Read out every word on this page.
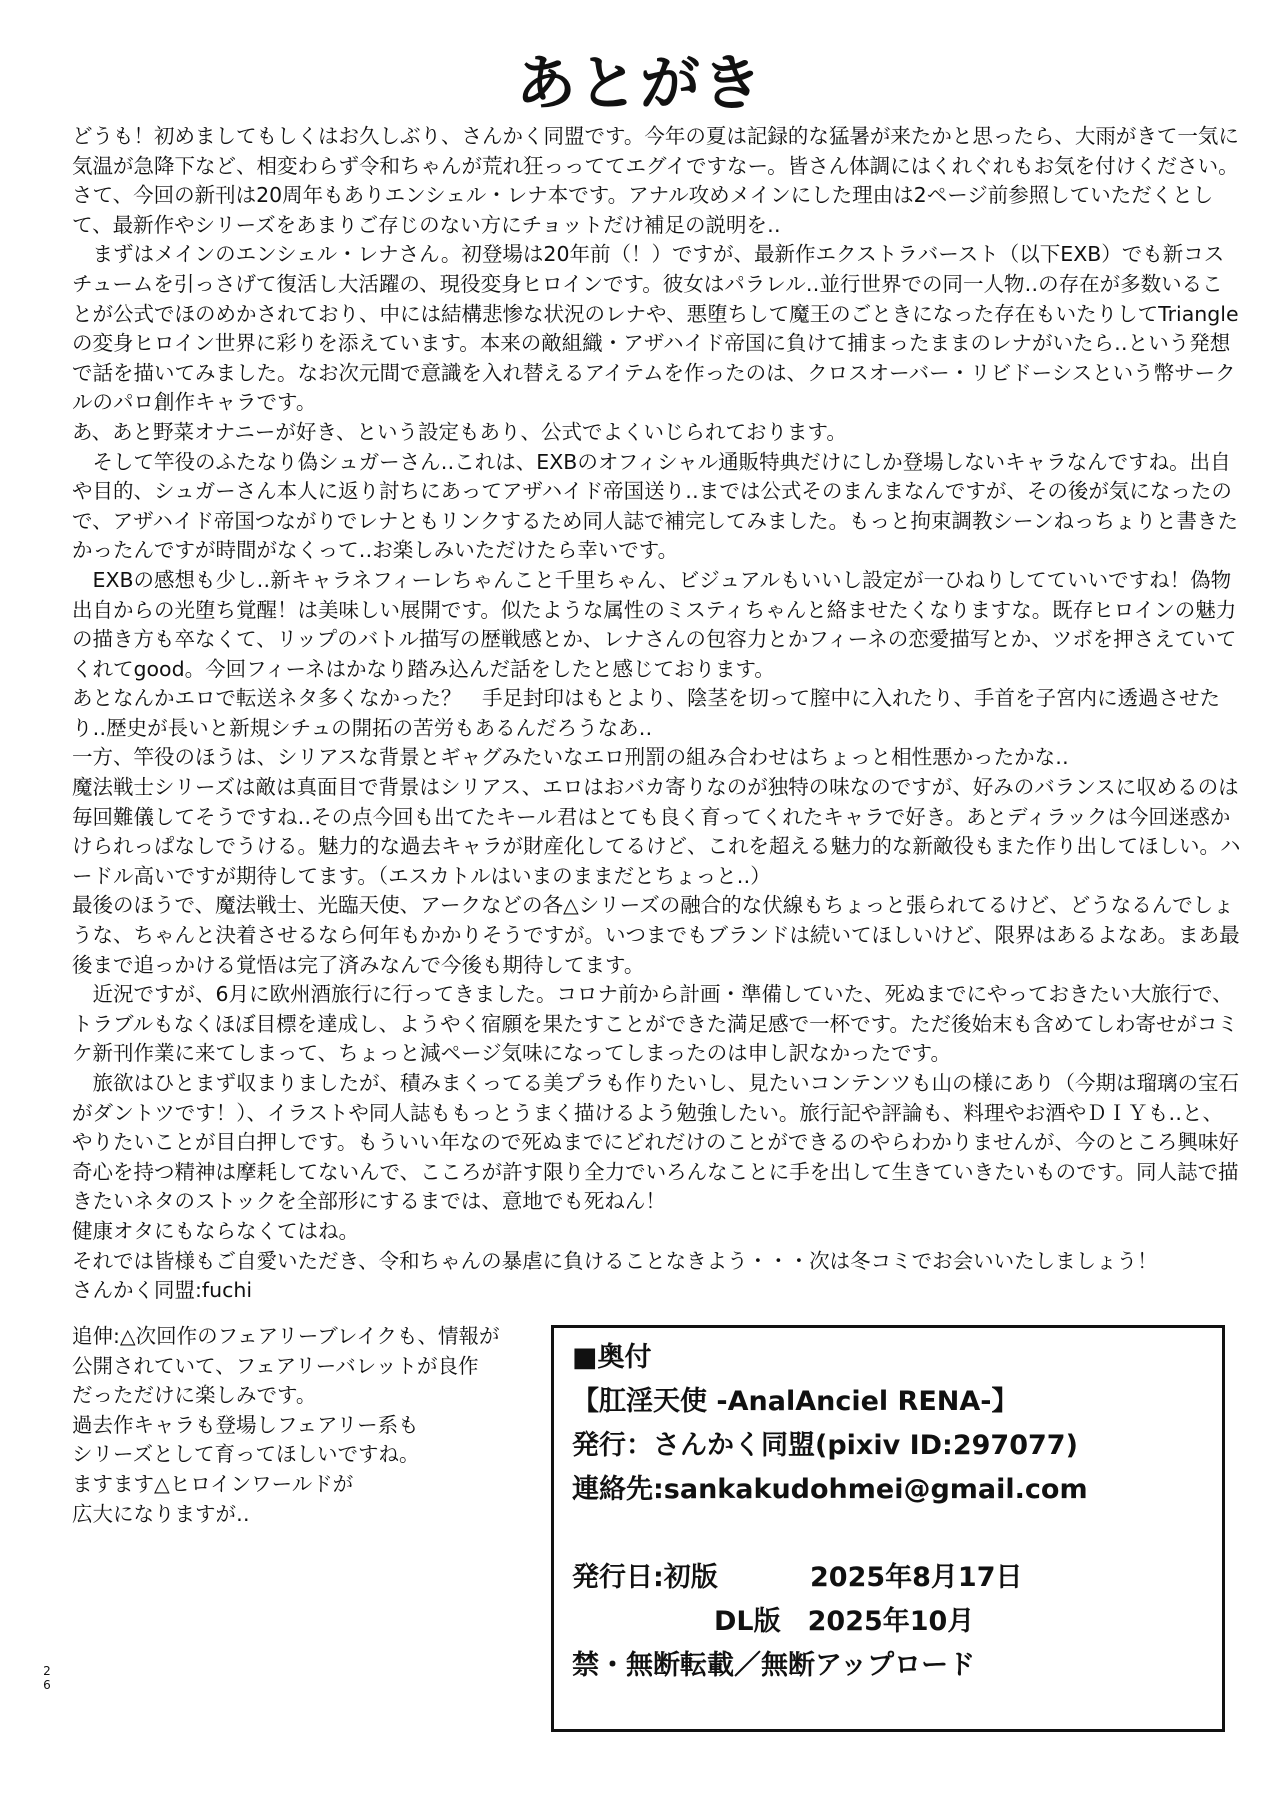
あとがき

どうも！初めましてもしくはお久しぶり、さんかく同盟です。今年の夏は記録的な猛暑が来たかと思ったら、大雨がきて一気に気温が急降下など、相変わらず令和ちゃんが荒れ狂っっててエグイですなー。皆さん体調にはくれぐれもお気を付けください。

さて、今回の新刊は20周年もありエンシェル・レナ本です。アナル攻めメインにした理由は2ページ前参照していただくとして、最新作やシリーズをあまりご存じのない方にチョットだけ補足の説明を‥

　まずはメインのエンシェル・レナさん。初登場は20年前（！）ですが、最新作エクストラバースト（以下EXB）でも新コスチュームを引っさげて復活し大活躍の、現役変身ヒロインです。彼女はパラレル‥並行世界での同一人物‥の存在が多数いることが公式でほのめかされており、中には結構悲惨な状況のレナや、悪堕ちして魔王のごときになった存在もいたりしてTriangleの変身ヒロイン世界に彩りを添えています。本来の敵組織・アザハイド帝国に負けて捕まったままのレナがいたら‥という発想で話を描いてみました。なお次元間で意識を入れ替えるアイテムを作ったのは、クロスオーバー・リビドーシスという幣サークルのパロ創作キャラです。

あ、あと野菜オナニーが好き、という設定もあり、公式でよくいじられております。

　そして竿役のふたなり偽シュガーさん‥これは、EXBのオフィシャル通販特典だけにしか登場しないキャラなんですね。出自や目的、シュガーさん本人に返り討ちにあってアザハイド帝国送り‥までは公式そのまんまなんですが、その後が気になったので、アザハイド帝国つながりでレナともリンクするため同人誌で補完してみました。もっと拘束調教シーンねっちょりと書きたかったんですが時間がなくって‥お楽しみいただけたら幸いです。

　EXBの感想も少し‥新キャラネフィーレちゃんこと千里ちゃん、ビジュアルもいいし設定が一ひねりしてていいですね！偽物出自からの光堕ち覚醒！は美味しい展開です。似たような属性のミスティちゃんと絡ませたくなりますな。既存ヒロインの魅力の描き方も卒なくて、リップのバトル描写の歴戦感とか、レナさんの包容力とかフィーネの恋愛描写とか、ツボを押さえていてくれてgood。今回フィーネはかなり踏み込んだ話をしたと感じております。

あとなんかエロで転送ネタ多くなかった？　手足封印はもとより、陰茎を切って膣中に入れたり、手首を子宮内に透過させたり‥歴史が長いと新規シチュの開拓の苦労もあるんだろうなあ‥

一方、竿役のほうは、シリアスな背景とギャグみたいなエロ刑罰の組み合わせはちょっと相性悪かったかな‥

魔法戦士シリーズは敵は真面目で背景はシリアス、エロはおバカ寄りなのが独特の味なのですが、好みのバランスに収めるのは毎回難儀してそうですね‥その点今回も出てたキール君はとても良く育ってくれたキャラで好き。あとディラックは今回迷惑かけられっぱなしでうける。魅力的な過去キャラが財産化してるけど、これを超える魅力的な新敵役もまた作り出してほしい。ハードル高いですが期待してます。（エスカトルはいまのままだとちょっと‥）

最後のほうで、魔法戦士、光臨天使、アークなどの各△シリーズの融合的な伏線もちょっと張られてるけど、どうなるんでしょうな、ちゃんと決着させるなら何年もかかりそうですが。いつまでもブランドは続いてほしいけど、限界はあるよなあ。まあ最後まで追っかける覚悟は完了済みなんで今後も期待してます。

　近況ですが、6月に欧州酒旅行に行ってきました。コロナ前から計画・準備していた、死ぬまでにやっておきたい大旅行で、トラブルもなくほぼ目標を達成し、ようやく宿願を果たすことができた満足感で一杯です。ただ後始末も含めてしわ寄せがコミケ新刊作業に来てしまって、ちょっと減ページ気味になってしまったのは申し訳なかったです。

　旅欲はひとまず収まりましたが、積みまくってる美プラも作りたいし、見たいコンテンツも山の様にあり（今期は瑠璃の宝石がダントツです！）、イラストや同人誌ももっとうまく描けるよう勉強したい。旅行記や評論も、料理やお酒やＤＩＹも‥と、やりたいことが目白押しです。もういい年なので死ぬまでにどれだけのことができるのやらわかりませんが、今のところ興味好奇心を持つ精神は摩耗してないんで、こころが許す限り全力でいろんなことに手を出して生きていきたいものです。同人誌で描きたいネタのストックを全部形にするまでは、意地でも死ねん！

健康オタにもならなくてはね。

それでは皆様もご自愛いただき、令和ちゃんの暴虐に負けることなきよう・・・次は冬コミでお会いいたしましょう！

さんかく同盟:fuchi

追伸:△次回作のフェアリーブレイクも、情報が
公開されていて、フェアリーバレットが良作
だっただけに楽しみです。
過去作キャラも登場しフェアリー系も
シリーズとして育ってほしいですね。
ますます△ヒロインワールドが
広大になりますが‥
■奥付
【肛淫天使 -AnalAnciel RENA-】
発行：さんかく同盟(pixiv ID:297077)
連絡先:sankakudohmei@gmail.com
発行日:初版	2025年8月17日
DL版　 2025年10月
禁・無断転載／無断アップロード
26
